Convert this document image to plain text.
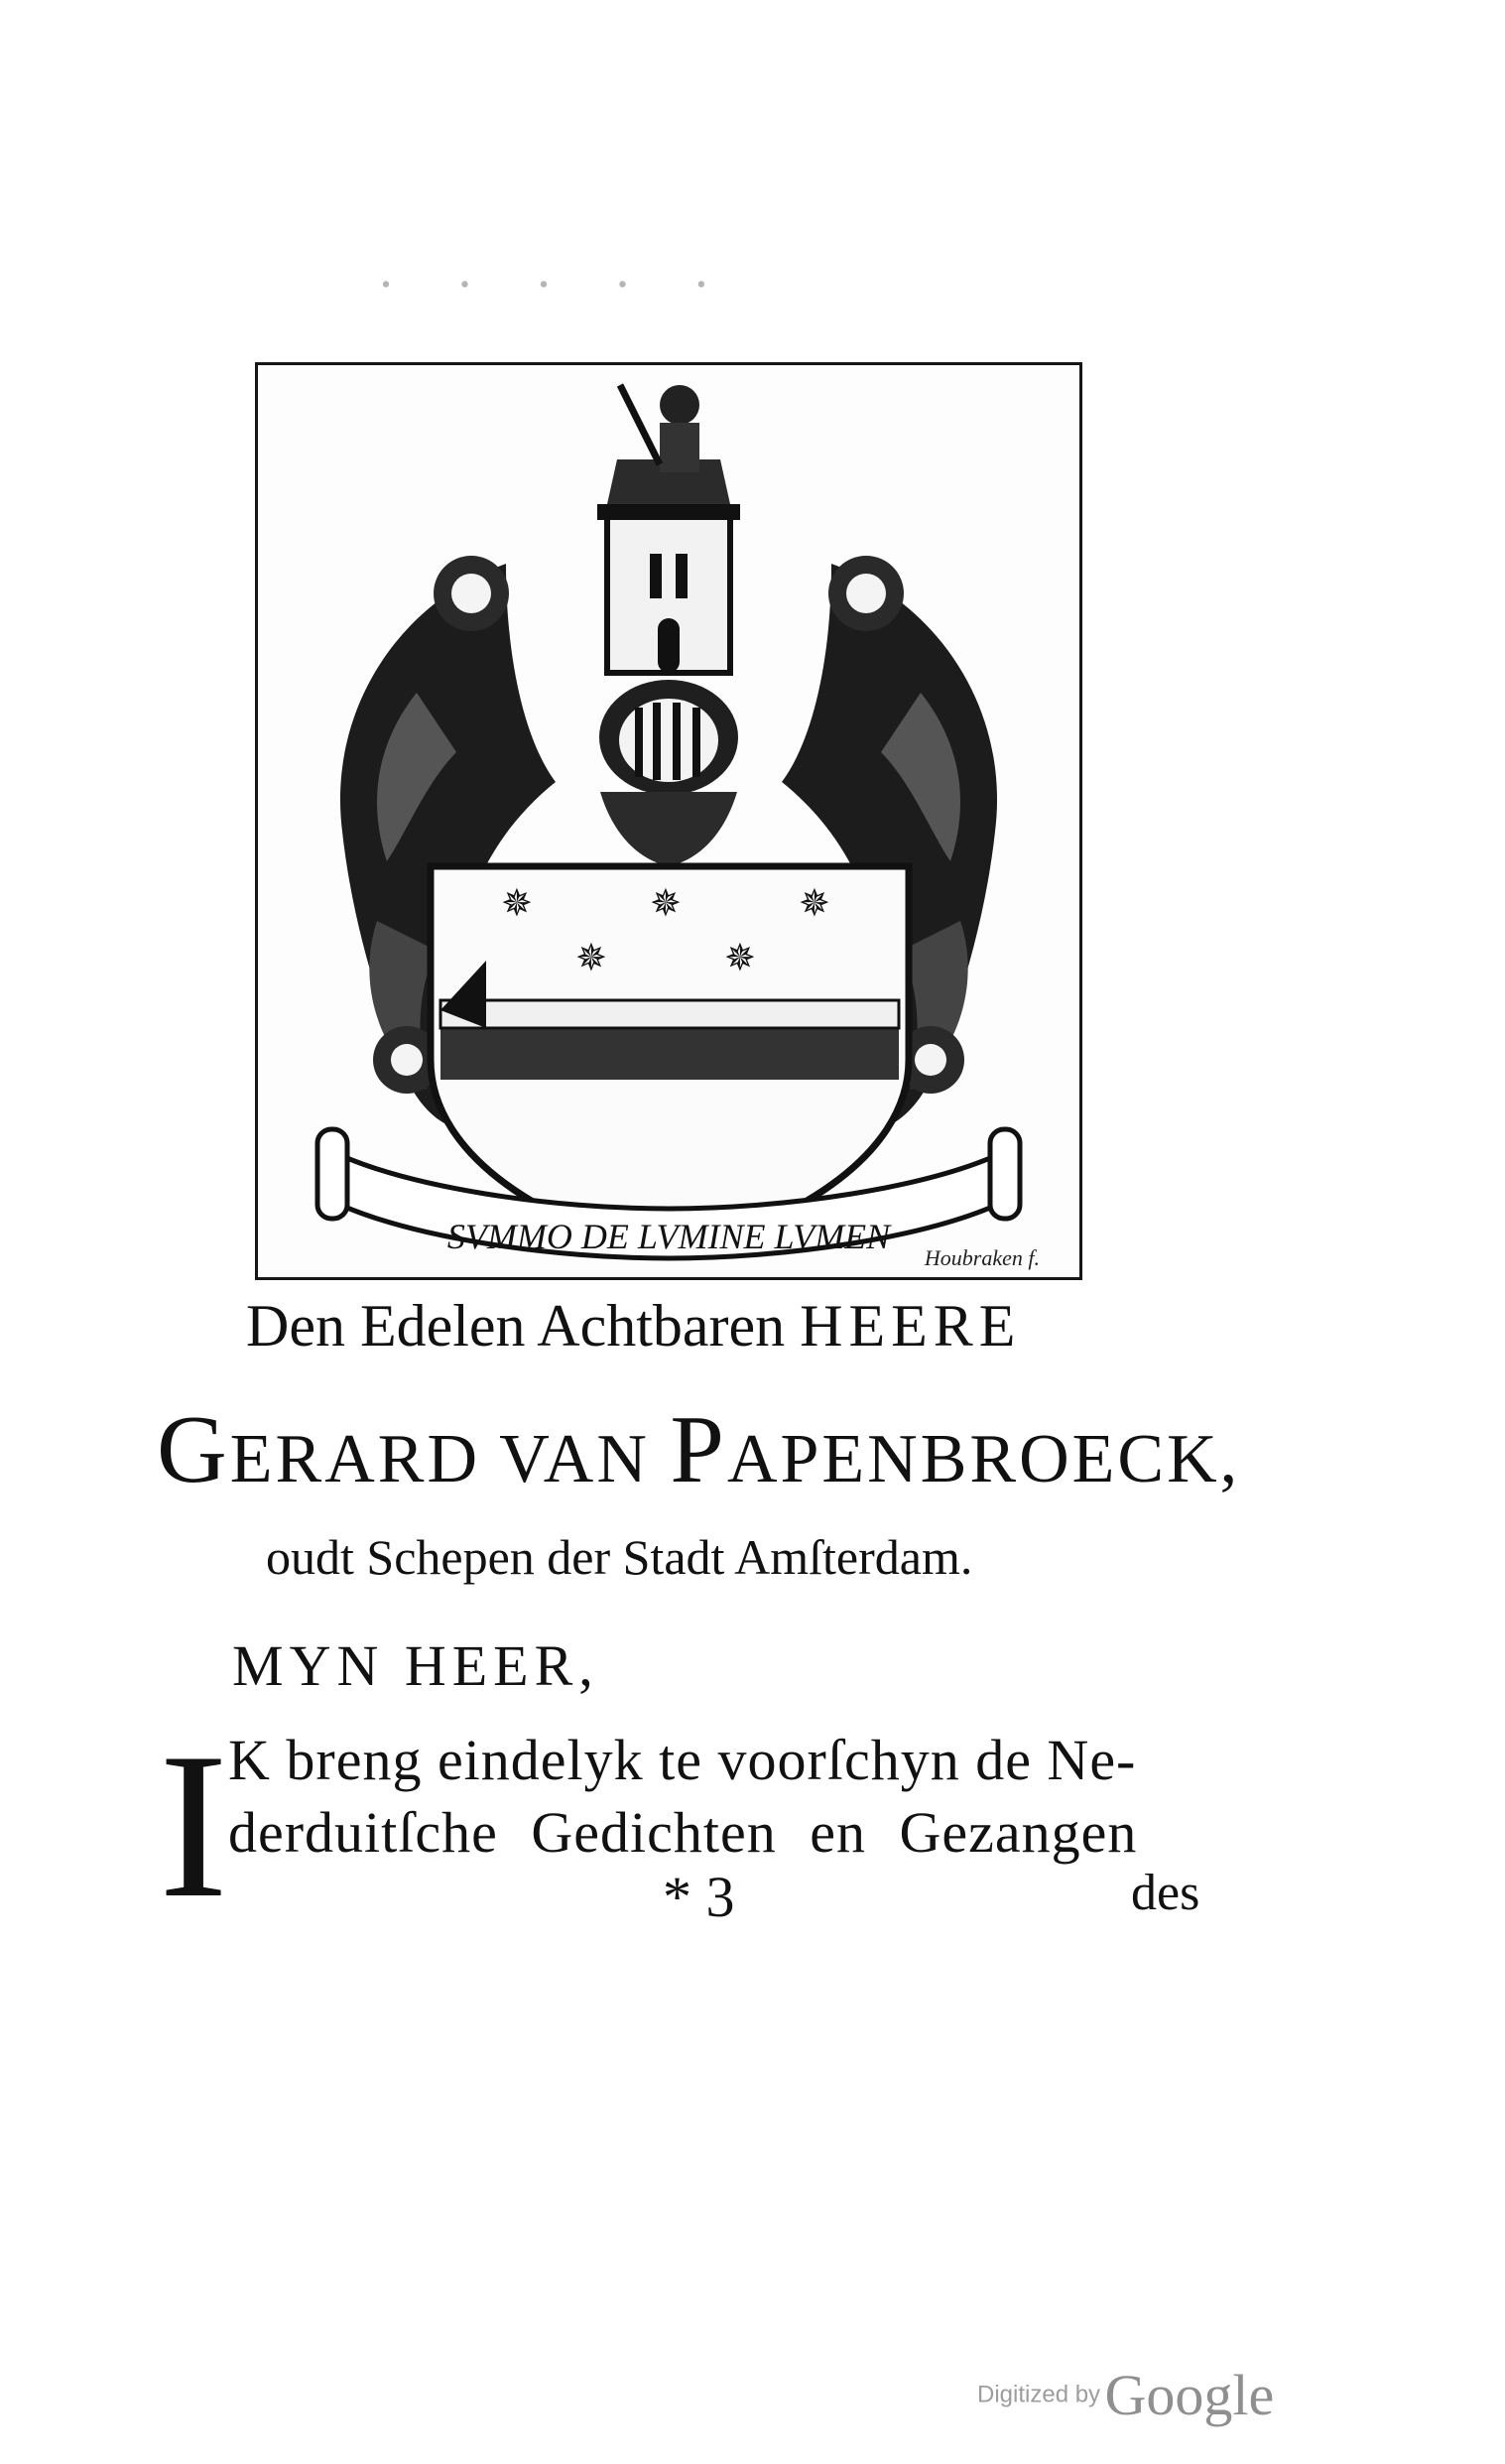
· · · · ·
✵	✵	✵
✵	✵
SVMMO DE LVMINE LVMEN
Houbraken f.
Den Edelen Achtbaren HEERE
GERARD VAN PAPENBROECK,
oudt Schepen der Stadt Amſterdam.
MYN HEER,
I K breng eindelyk te voorſchyn de Ne-
derduitſche Gedichten en Gezangen
* 3	des
Digitized by Google
